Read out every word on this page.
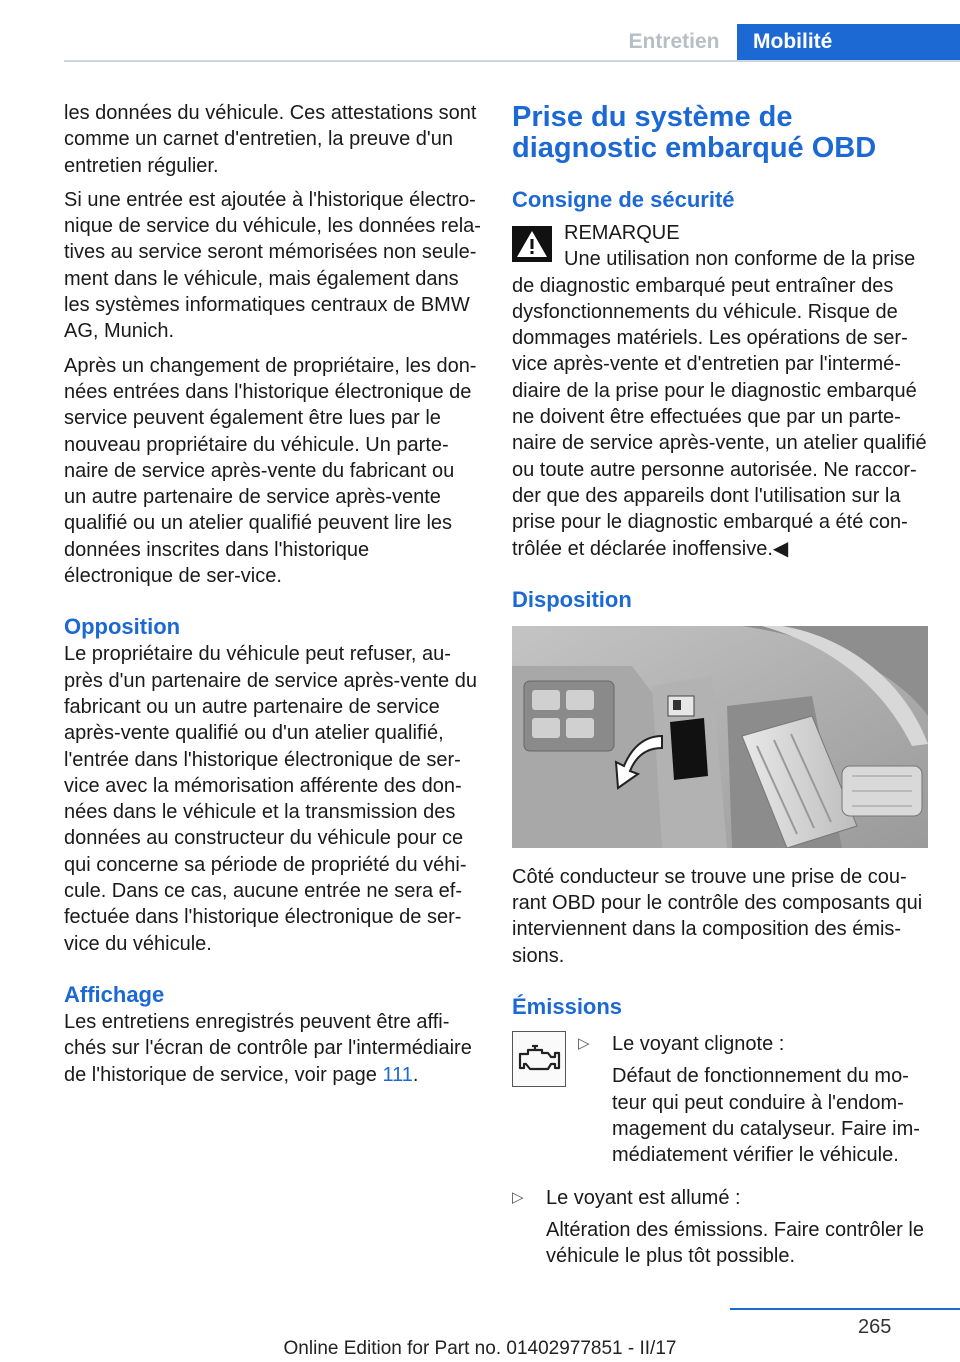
Entretien	Mobilité

les données du véhicule. Ces attestations sont comme un carnet d'entretien, la preuve d'un entretien régulier.

Si une entrée est ajoutée à l'historique électro‐nique de service du véhicule, les données rela‐tives au service seront mémorisées non seule‐ment dans le véhicule, mais également dans les systèmes informatiques centraux de BMW AG, Munich.

Après un changement de propriétaire, les don‐nées entrées dans l'historique électronique de service peuvent également être lues par le nouveau propriétaire du véhicule. Un parte‐naire de service après-vente du fabricant ou un autre partenaire de service après-vente qualifié ou un atelier qualifié peuvent lire les données inscrites dans l'historique électronique de ser‐vice.

Opposition

Le propriétaire du véhicule peut refuser, au‐près d'un partenaire de service après-vente du fabricant ou un autre partenaire de service après-vente qualifié ou d'un atelier qualifié, l'entrée dans l'historique électronique de ser‐vice avec la mémorisation afférente des don‐nées dans le véhicule et la transmission des données au constructeur du véhicule pour ce qui concerne sa période de propriété du véhi‐cule. Dans ce cas, aucune entrée ne sera ef‐fectuée dans l'historique électronique de ser‐vice du véhicule.

Affichage

Les entretiens enregistrés peuvent être affi‐chés sur l'écran de contrôle par l'intermédiaire de l'historique de service, voir page 111.

Prise du système de diagnostic embarqué OBD
Consigne de sécurité

REMARQUE

Une utilisation non conforme de la prise

de diagnostic embarqué peut entraîner des dysfonctionnements du véhicule. Risque de dommages matériels. Les opérations de ser‐vice après-vente et d'entretien par l'intermé‐diaire de la prise pour le diagnostic embarqué ne doivent être effectuées que par un parte‐naire de service après-vente, un atelier qualifié ou toute autre personne autorisée. Ne raccor‐der que des appareils dont l'utilisation sur la prise pour le diagnostic embarqué a été con‐trôlée et déclarée inoffensive.◀

Disposition

Côté conducteur se trouve une prise de cou‐rant OBD pour le contrôle des composants qui interviennent dans la composition des émis‐sions.

Émissions
▷ Le voyant clignote :
Défaut de fonctionnement du mo‐teur qui peut conduire à l'endom‐magement du catalyseur. Faire im‐médiatement vérifier le véhicule.
▷ Le voyant est allumé :
Altération des émissions. Faire contrôler le véhicule le plus tôt possible.
265
Online Edition for Part no. 01402977851 - II/17
